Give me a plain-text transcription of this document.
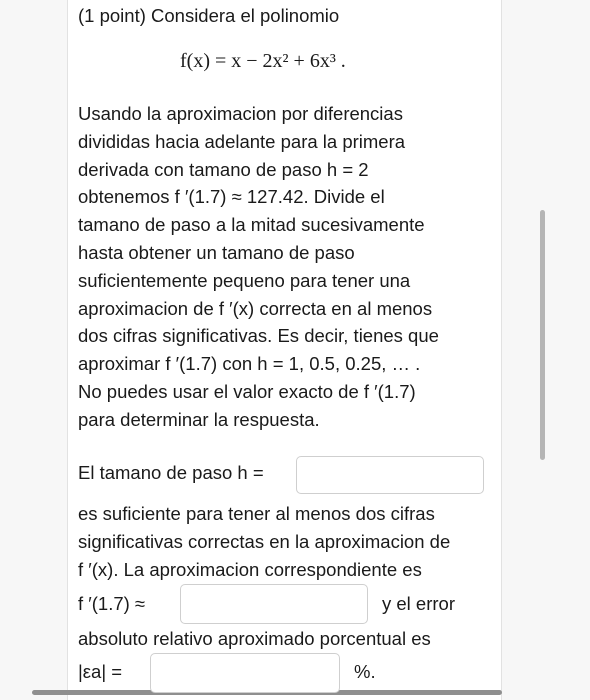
(1 point) Considera el polinomio
f(x) = x − 2x² + 6x³ .
Usando la aproximacion por diferencias
divididas hacia adelante para la primera
derivada con tamano de paso h = 2
obtenemos f ′(1.7) ≈ 127.42. Divide el
tamano de paso a la mitad sucesivamente
hasta obtener un tamano de paso
suficientemente pequeno para tener una
aproximacion de f ′(x) correcta en al menos
dos cifras significativas. Es decir, tienes que
aproximar f ′(1.7) con h = 1, 0.5, 0.25, … .
No puedes usar el valor exacto de f ′(1.7)
para determinar la respuesta.
El tamano de paso h =
es suficiente para tener al menos dos cifras
significativas correctas en la aproximacion de
f ′(x). La aproximacion correspondiente es
f ′(1.7) ≈	y el error
absoluto relativo aproximado porcentual es
|εa| =	%.
